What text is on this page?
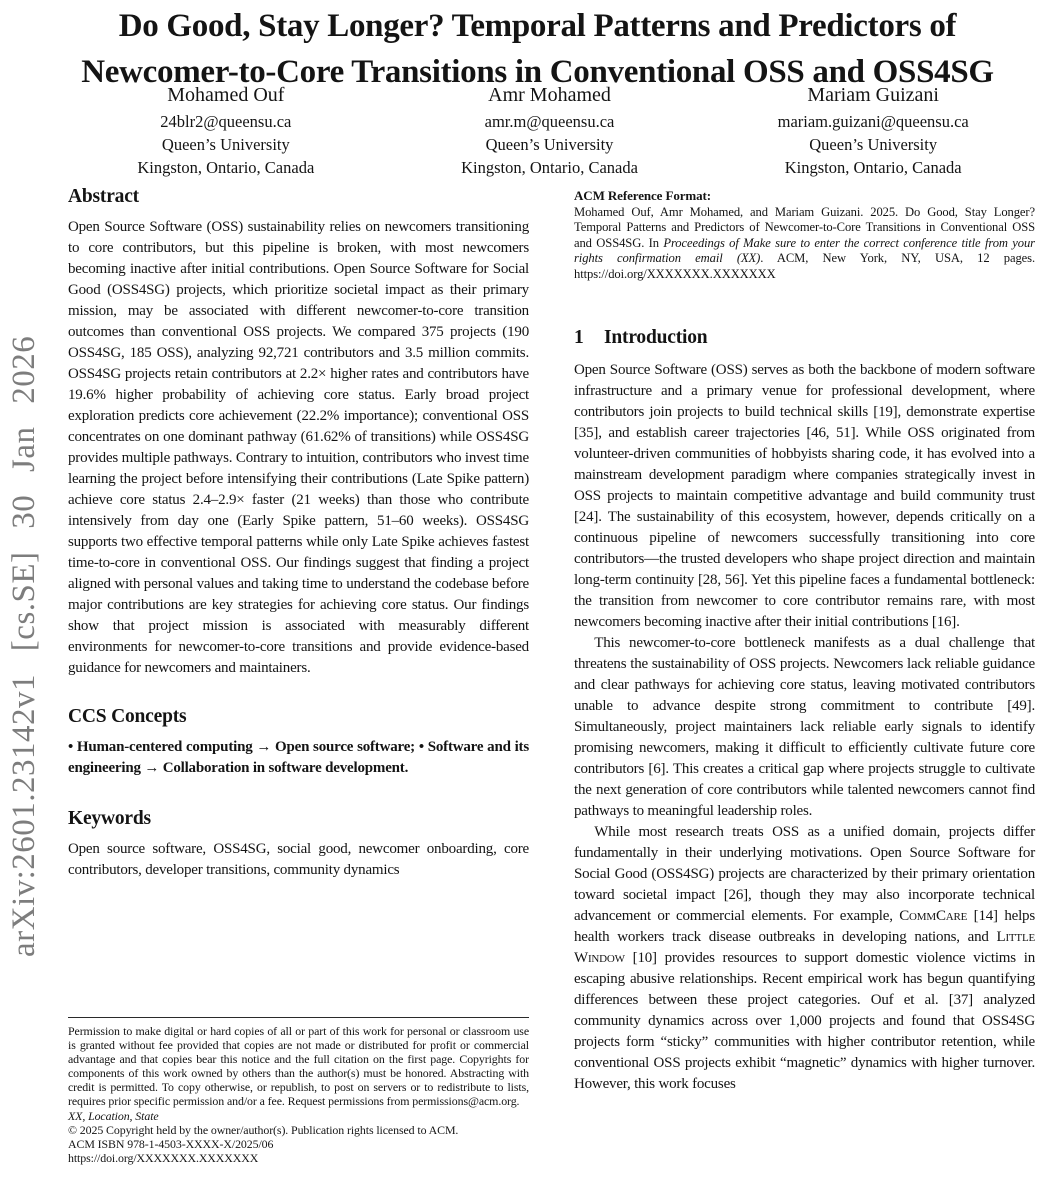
arXiv:2601.23142v1 [cs.SE] 30 Jan 2026
Do Good, Stay Longer? Temporal Patterns and Predictors of Newcomer-to-Core Transitions in Conventional OSS and OSS4SG
Mohamed Ouf
24blr2@queensu.ca
Queen’s University
Kingston, Ontario, Canada
Amr Mohamed
amr.m@queensu.ca
Queen’s University
Kingston, Ontario, Canada
Mariam Guizani
mariam.guizani@queensu.ca
Queen’s University
Kingston, Ontario, Canada
Abstract

Open Source Software (OSS) sustainability relies on newcomers transitioning to core contributors, but this pipeline is broken, with most newcomers becoming inactive after initial contributions. Open Source Software for Social Good (OSS4SG) projects, which prioritize societal impact as their primary mission, may be associated with different newcomer-to-core transition outcomes than conventional OSS projects. We compared 375 projects (190 OSS4SG, 185 OSS), analyzing 92,721 contributors and 3.5 million commits. OSS4SG projects retain contributors at 2.2× higher rates and contributors have 19.6% higher probability of achieving core status. Early broad project exploration predicts core achievement (22.2% importance); conventional OSS concentrates on one dominant pathway (61.62% of transitions) while OSS4SG provides multiple pathways. Contrary to intuition, contributors who invest time learning the project before intensifying their contributions (Late Spike pattern) achieve core status 2.4–2.9× faster (21 weeks) than those who contribute intensively from day one (Early Spike pattern, 51–60 weeks). OSS4SG supports two effective temporal patterns while only Late Spike achieves fastest time-to-core in conventional OSS. Our findings suggest that finding a project aligned with personal values and taking time to understand the codebase before major contributions are key strategies for achieving core status. Our findings show that project mission is associated with measurably different environments for newcomer-to-core transitions and provide evidence-based guidance for newcomers and maintainers.

CCS Concepts

• Human-centered computing → Open source software; • Software and its engineering → Collaboration in software development.

Keywords

Open source software, OSS4SG, social good, newcomer onboarding, core contributors, developer transitions, community dynamics

Permission to make digital or hard copies of all or part of this work for personal or classroom use is granted without fee provided that copies are not made or distributed for profit or commercial advantage and that copies bear this notice and the full citation on the first page. Copyrights for components of this work owned by others than the author(s) must be honored. Abstracting with credit is permitted. To copy otherwise, or republish, to post on servers or to redistribute to lists, requires prior specific permission and/or a fee. Request permissions from permissions@acm.org.

XX, Location, State

© 2025 Copyright held by the owner/author(s). Publication rights licensed to ACM.

ACM ISBN 978-1-4503-XXXX-X/2025/06

https://doi.org/XXXXXXX.XXXXXXX

ACM Reference Format:
Mohamed Ouf, Amr Mohamed, and Mariam Guizani. 2025. Do Good, Stay Longer? Temporal Patterns and Predictors of Newcomer-to-Core Transitions in Conventional OSS and OSS4SG. In Proceedings of Make sure to enter the correct conference title from your rights confirmation email (XX). ACM, New York, NY, USA, 12 pages. https://doi.org/XXXXXXX.XXXXXXX
1 Introduction

Open Source Software (OSS) serves as both the backbone of modern software infrastructure and a primary venue for professional development, where contributors join projects to build technical skills [19], demonstrate expertise [35], and establish career trajectories [46, 51]. While OSS originated from volunteer-driven communities of hobbyists sharing code, it has evolved into a mainstream development paradigm where companies strategically invest in OSS projects to maintain competitive advantage and build community trust [24]. The sustainability of this ecosystem, however, depends critically on a continuous pipeline of newcomers successfully transitioning into core contributors—the trusted developers who shape project direction and maintain long-term continuity [28, 56]. Yet this pipeline faces a fundamental bottleneck: the transition from newcomer to core contributor remains rare, with most newcomers becoming inactive after their initial contributions [16].

This newcomer-to-core bottleneck manifests as a dual challenge that threatens the sustainability of OSS projects. Newcomers lack reliable guidance and clear pathways for achieving core status, leaving motivated contributors unable to advance despite strong commitment to contribute [49]. Simultaneously, project maintainers lack reliable early signals to identify promising newcomers, making it difficult to efficiently cultivate future core contributors [6]. This creates a critical gap where projects struggle to cultivate the next generation of core contributors while talented newcomers cannot find pathways to meaningful leadership roles.

While most research treats OSS as a unified domain, projects differ fundamentally in their underlying motivations. Open Source Software for Social Good (OSS4SG) projects are characterized by their primary orientation toward societal impact [26], though they may also incorporate technical advancement or commercial elements. For example, CommCare [14] helps health workers track disease outbreaks in developing nations, and Little Window [10] provides resources to support domestic violence victims in escaping abusive relationships. Recent empirical work has begun quantifying differences between these project categories. Ouf et al. [37] analyzed community dynamics across over 1,000 projects and found that OSS4SG projects form “sticky” communities with higher contributor retention, while conventional OSS projects exhibit “magnetic” dynamics with higher turnover. However, this work focuses
